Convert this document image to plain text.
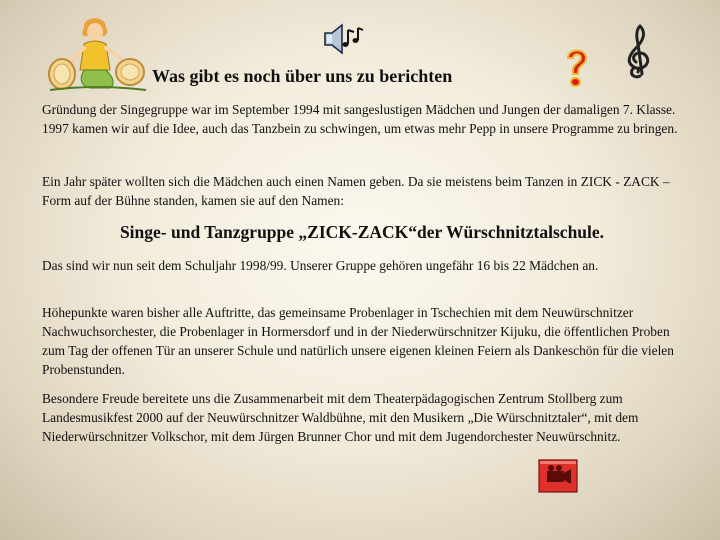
Was gibt es noch über uns zu berichten

Gründung der Singegruppe war im September 1994 mit sangeslustigen Mädchen und Jungen der damaligen 7. Klasse. 1997 kamen wir auf die Idee, auch das Tanzbein zu schwingen, um etwas mehr Pepp in unsere Programme zu bringen.

Ein Jahr später wollten sich die Mädchen auch einen Namen geben. Da sie meistens beim Tanzen in ZICK - ZACK – Form auf der Bühne standen, kamen sie auf den Namen:

Singe- und Tanzgruppe „ZICK-ZACK“der Würschnitztalschule.

Das sind wir nun seit dem Schuljahr 1998/99. Unserer Gruppe gehören ungefähr 16 bis 22 Mädchen an.

Höhepunkte waren bisher alle Auftritte, das gemeinsame Probenlager in Tschechien mit dem Neuwürschnitzer Nachwuchsorchester, die Probenlager in Hormersdorf und in der Niederwürschnitzer Kijuku, die öffentlichen Proben zum Tag der offenen Tür an unserer Schule und natürlich unsere eigenen kleinen Feiern als Dankeschön für die vielen Probenstunden.

Besondere Freude bereitete uns die Zusammenarbeit mit dem Theaterpädagogischen Zentrum Stollberg zum Landesmusikfest 2000 auf der Neuwürschnitzer Waldbühne, mit den Musikern „Die Würschnitztaler“, mit dem Niederwürschnitzer Volkschor, mit dem Jürgen Brunner Chor und mit dem Jugendorchester Neuwürschnitz.
